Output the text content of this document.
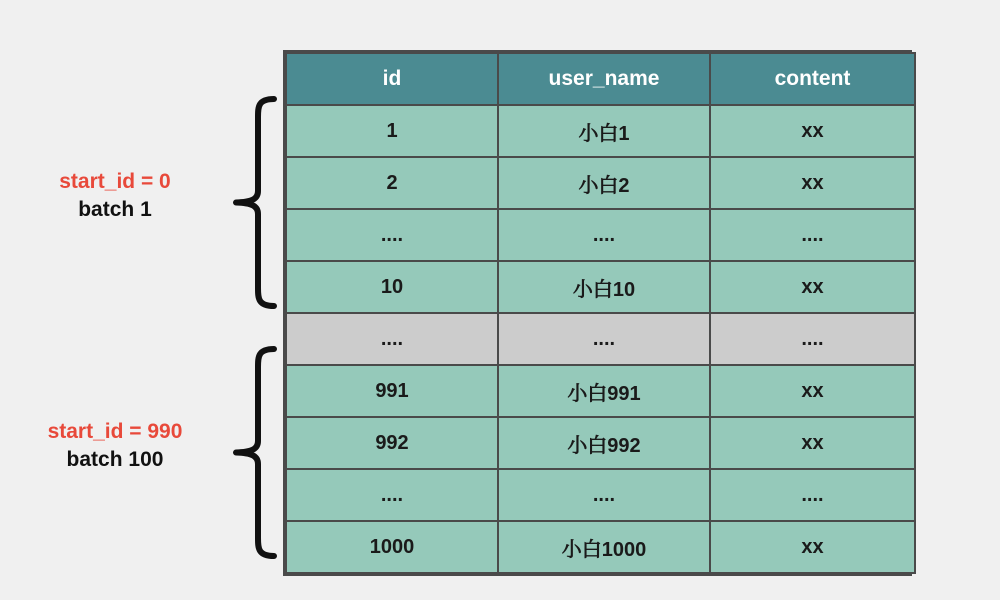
start_id = 0
batch 1
start_id = 990
batch 100
id	user_name	content
1	小白1	xx
2	小白2	xx
....	....	....
10	小白10	xx
....	....	....
991	小白991	xx
992	小白992	xx
....	....	....
1000	小白1000	xx
